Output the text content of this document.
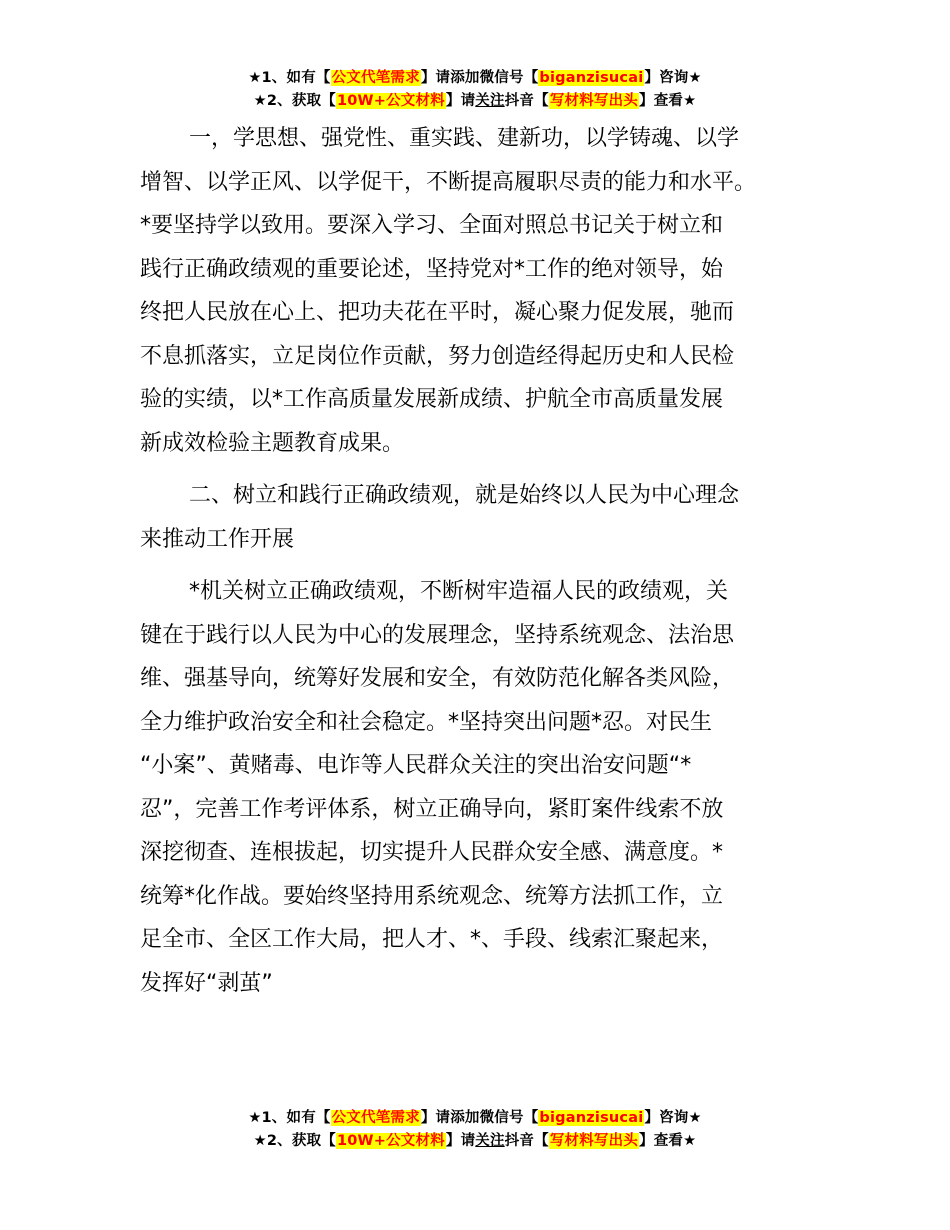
★1、如有【公文代笔需求】请添加微信号【biganzisucai】咨询★
★2、获取【10W+公文材料】请关注抖音【写材料写出头】查看★

一，学思想、强党性、重实践、建新功，以学铸魂、以学
增智、以学正风、以学促干，不断提高履职尽责的能力和水平。
*要坚持学以致用。要深入学习、全面对照总书记关于树立和
践行正确政绩观的重要论述，坚持党对*工作的绝对领导，始
终把人民放在心上、把功夫花在平时，凝心聚力促发展，驰而
不息抓落实，立足岗位作贡献，努力创造经得起历史和人民检
验的实绩，以*工作高质量发展新成绩、护航全市高质量发展
新成效检验主题教育成果。

二、树立和践行正确政绩观，就是始终以人民为中心理念
来推动工作开展

*机关树立正确政绩观，不断树牢造福人民的政绩观，关
键在于践行以人民为中心的发展理念，坚持系统观念、法治思
维、强基导向，统筹好发展和安全，有效防范化解各类风险，
全力维护政治安全和社会稳定。*坚持突出问题*忍。对民生
“小案”、黄赌毒、电诈等人民群众关注的突出治安问题“*
忍”，完善工作考评体系，树立正确导向，紧盯案件线索不放
深挖彻查、连根拔起，切实提升人民群众安全感、满意度。*
统筹*化作战。要始终坚持用系统观念、统筹方法抓工作，立
足全市、全区工作大局，把人才、*、手段、线索汇聚起来，
发挥好“剥茧”

★1、如有【公文代笔需求】请添加微信号【biganzisucai】咨询★
★2、获取【10W+公文材料】请关注抖音【写材料写出头】查看★
